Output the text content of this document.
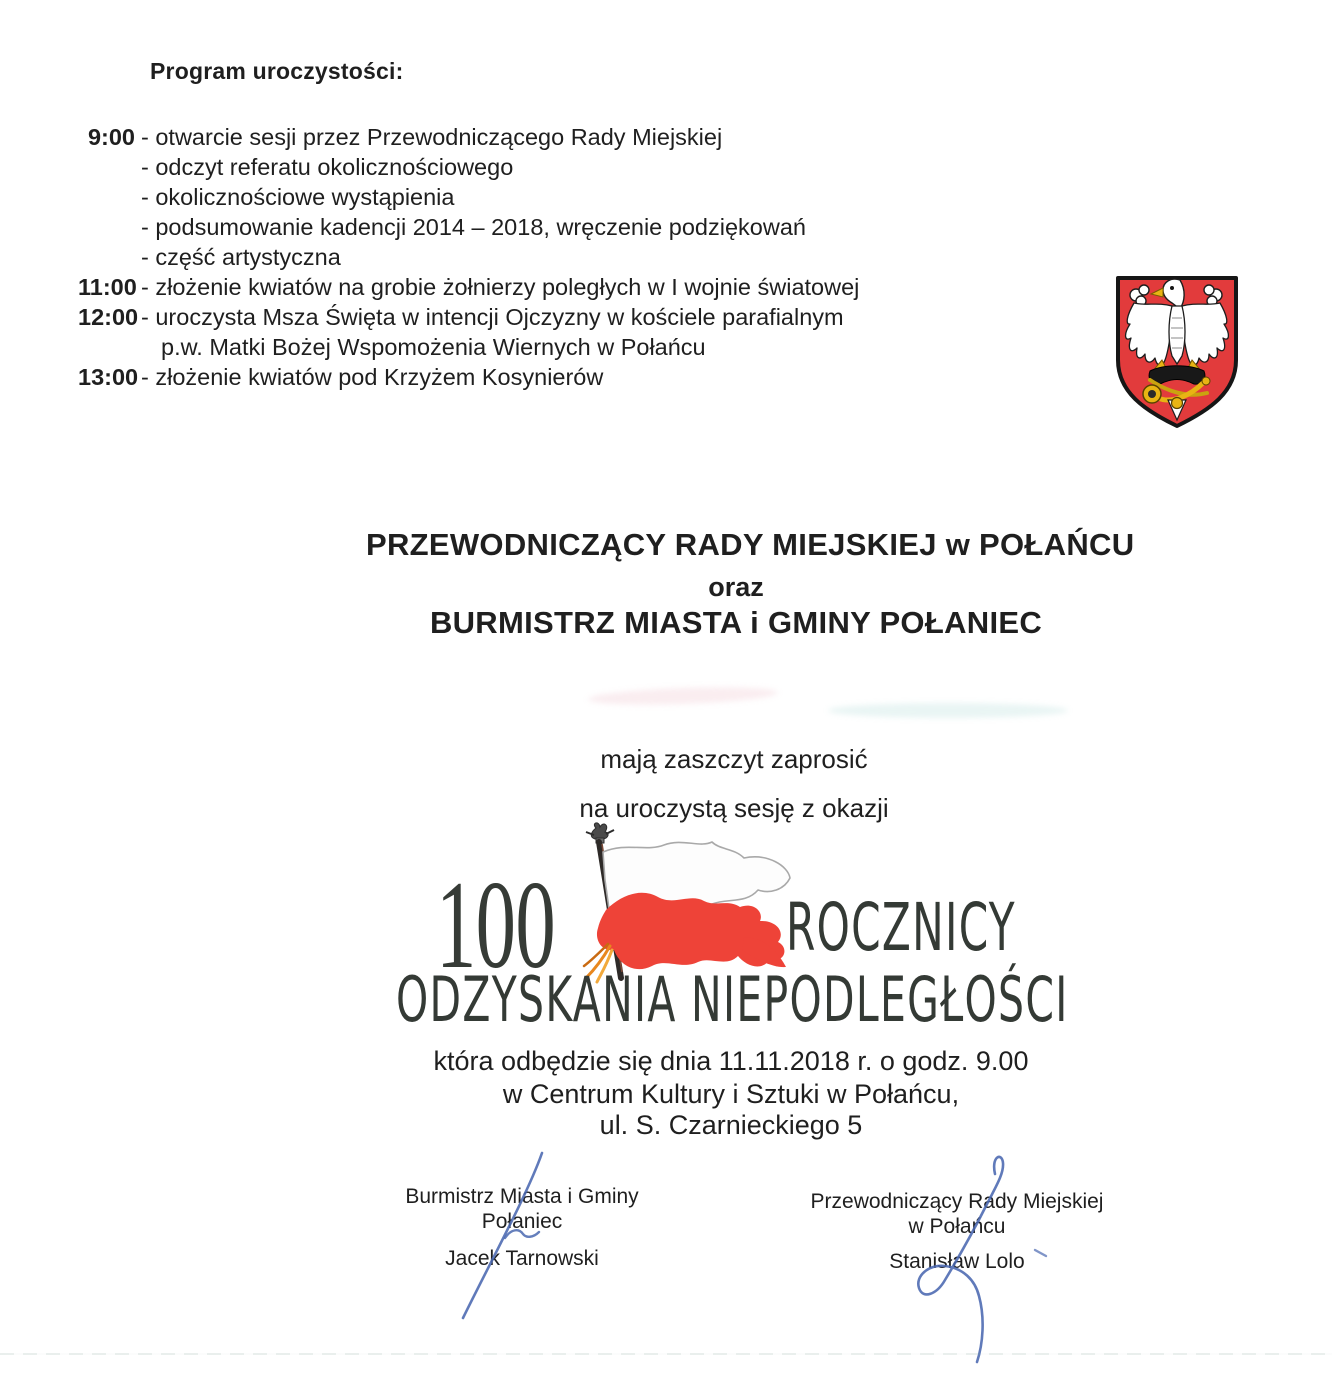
Program uroczystości:
9:00 - otwarcie sesji przez Przewodniczącego Rady Miejskiej
- odczyt referatu okolicznościowego
- okolicznościowe wystąpienia
- podsumowanie kadencji 2014 – 2018, wręczenie podziękowań
- część artystyczna
11:00 - złożenie kwiatów na grobie żołnierzy poległych w I wojnie światowej
12:00 - uroczysta Msza Święta w intencji Ojczyzny w kościele parafialnym
p.w. Matki Bożej Wspomożenia Wiernych w Połańcu
13:00 - złożenie kwiatów pod Krzyżem Kosynierów
PRZEWODNICZĄCY RADY MIEJSKIEJ w POŁAŃCU
oraz
BURMISTRZ MIASTA i GMINY POŁANIEC
mają zaszczyt zaprosić
na uroczystą sesję z okazji
100	ROCZNICY
ODZYSKANIA NIEPODLEGŁOŚCI
która odbędzie się dnia 11.11.2018 r. o godz. 9.00
w Centrum Kultury i Sztuki w Połańcu,
ul. S. Czarnieckiego 5
Burmistrz Miasta i Gminy
Połaniec
Jacek Tarnowski
Przewodniczący Rady Miejskiej
w Połańcu
Stanisław Lolo
